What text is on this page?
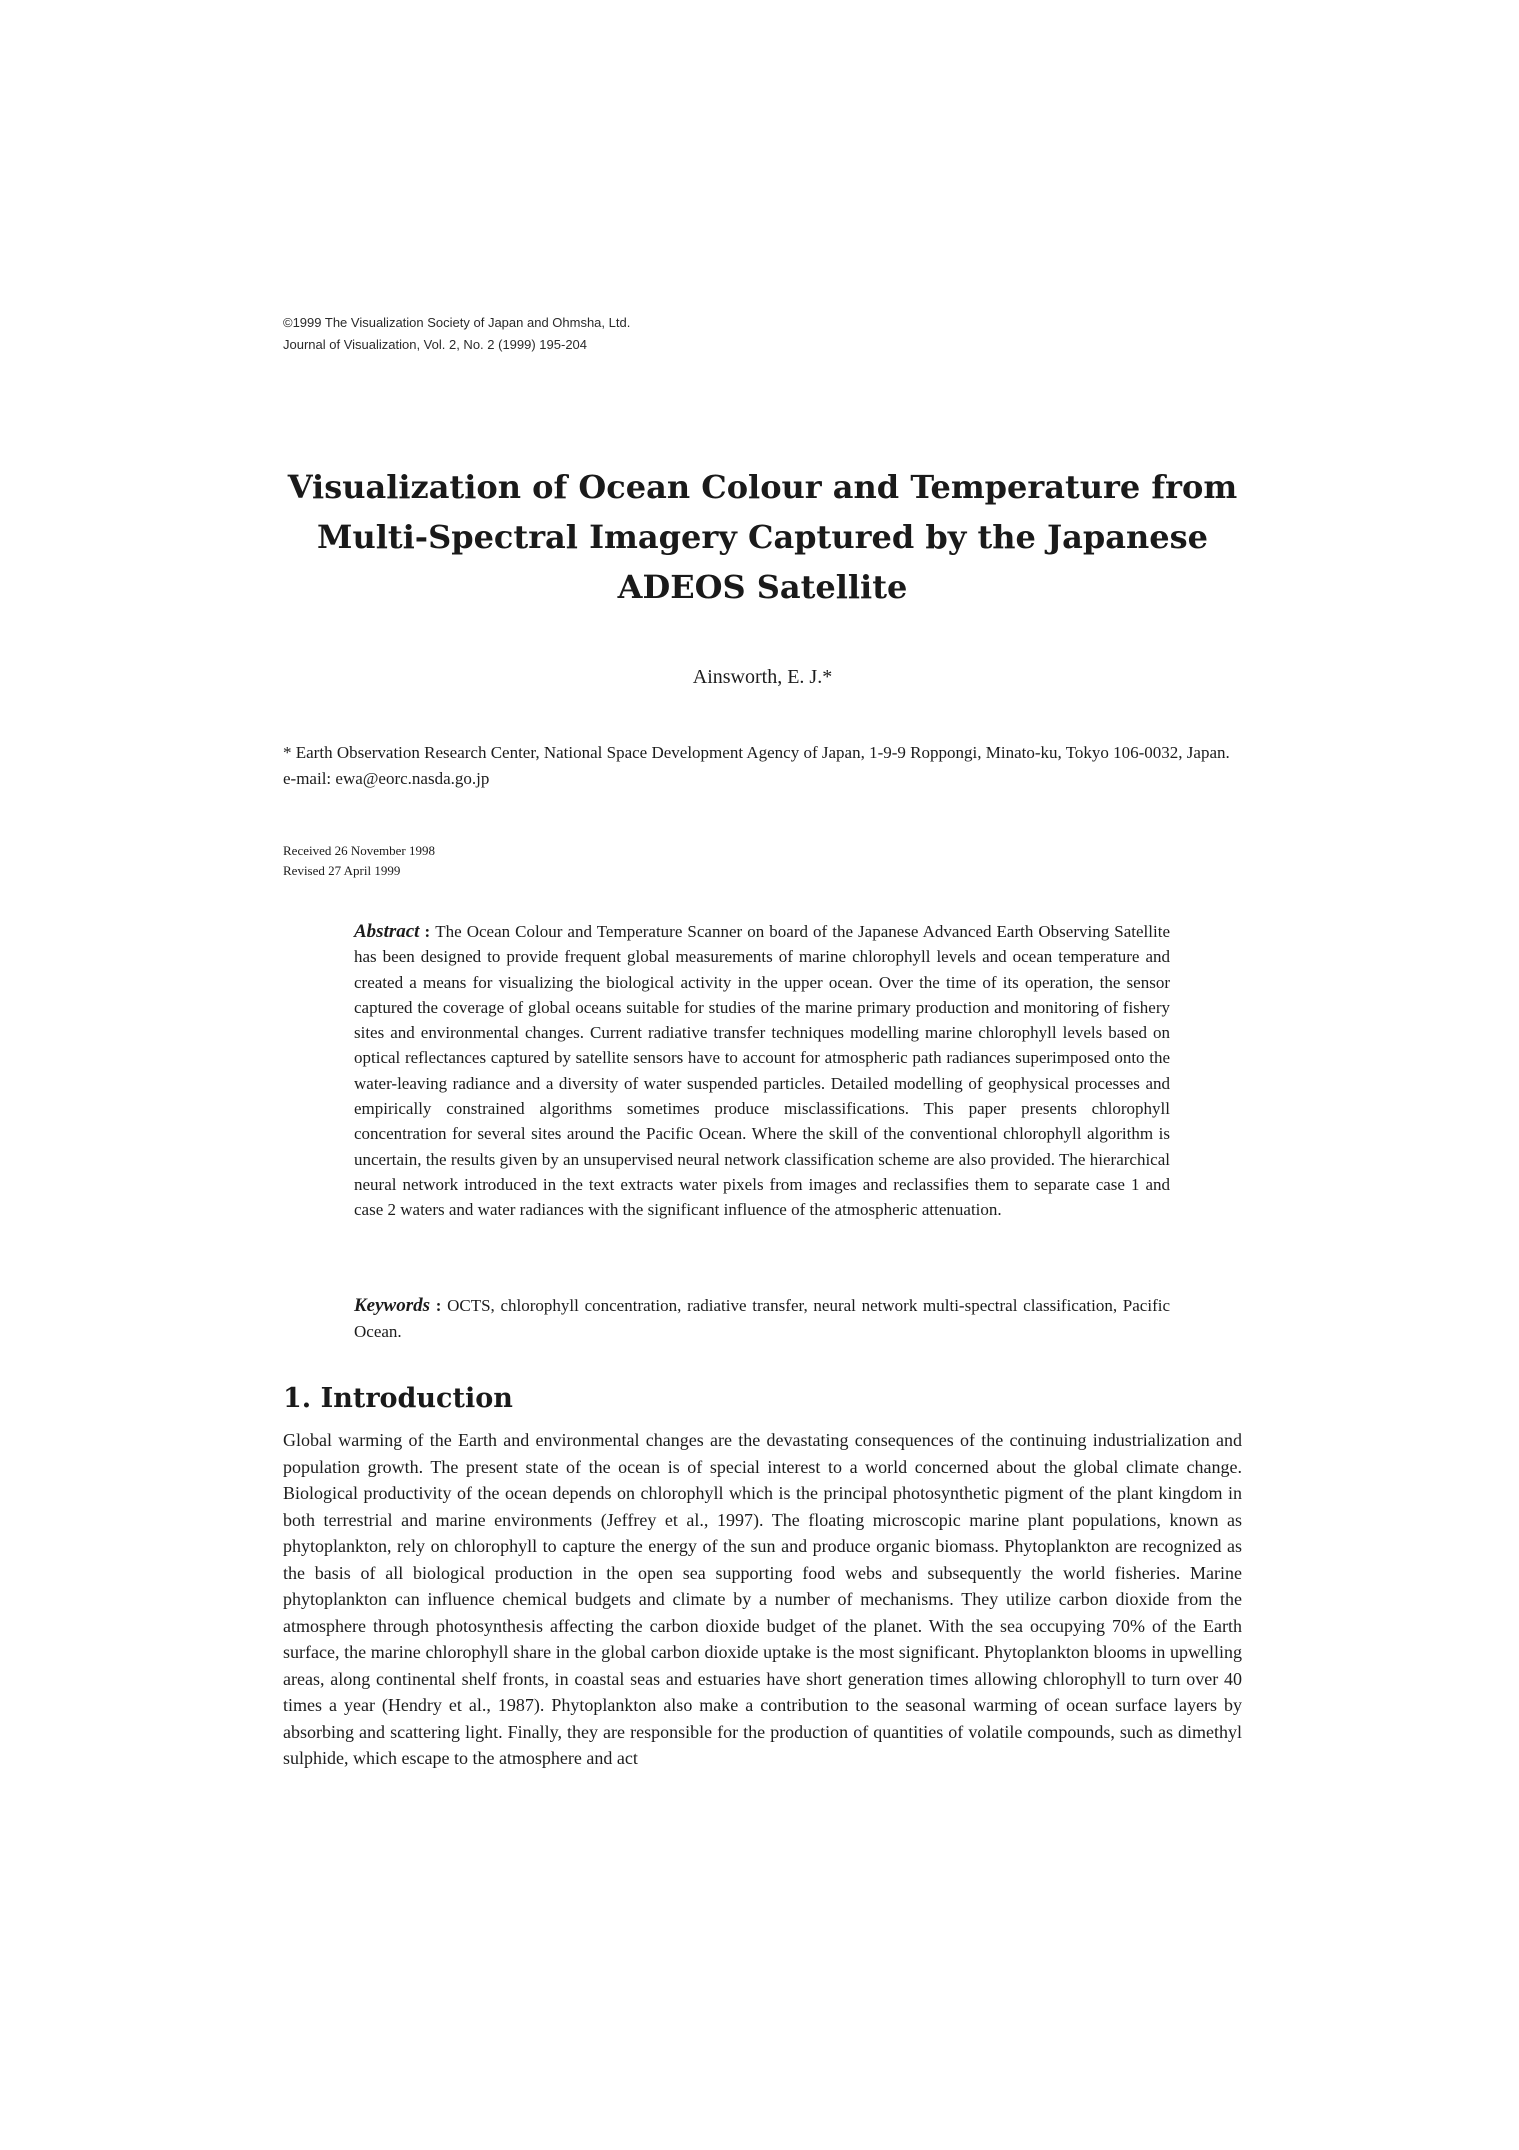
©1999 The Visualization Society of Japan and Ohmsha, Ltd.
Journal of Visualization, Vol. 2, No. 2 (1999) 195-204
Visualization of Ocean Colour and Temperature from Multi-Spectral Imagery Captured by the Japanese ADEOS Satellite
Ainsworth, E. J.*
* Earth Observation Research Center, National Space Development Agency of Japan, 1-9-9 Roppongi, Minato-ku, Tokyo 106-0032, Japan.
e-mail: ewa@eorc.nasda.go.jp
Received 26 November 1998
Revised 27 April 1999

Abstract : The Ocean Colour and Temperature Scanner on board of the Japanese Advanced Earth Observing Satellite has been designed to provide frequent global measurements of marine chlorophyll levels and ocean temperature and created a means for visualizing the biological activity in the upper ocean. Over the time of its operation, the sensor captured the coverage of global oceans suitable for studies of the marine primary production and monitoring of fishery sites and environmental changes. Current radiative transfer techniques modelling marine chlorophyll levels based on optical reflectances captured by satellite sensors have to account for atmospheric path radiances superimposed onto the water-leaving radiance and a diversity of water suspended particles. Detailed modelling of geophysical processes and empirically constrained algorithms sometimes produce misclassifications. This paper presents chlorophyll concentration for several sites around the Pacific Ocean. Where the skill of the conventional chlorophyll algorithm is uncertain, the results given by an unsupervised neural network classification scheme are also provided. The hierarchical neural network introduced in the text extracts water pixels from images and reclassifies them to separate case 1 and case 2 waters and water radiances with the significant influence of the atmospheric attenuation.

Keywords : OCTS, chlorophyll concentration, radiative transfer, neural network multi-spectral classification, Pacific Ocean.

1. Introduction

Global warming of the Earth and environmental changes are the devastating consequences of the continuing industrialization and population growth. The present state of the ocean is of special interest to a world concerned about the global climate change. Biological productivity of the ocean depends on chlorophyll which is the principal photosynthetic pigment of the plant kingdom in both terrestrial and marine environments (Jeffrey et al., 1997). The floating microscopic marine plant populations, known as phytoplankton, rely on chlorophyll to capture the energy of the sun and produce organic biomass. Phytoplankton are recognized as the basis of all biological production in the open sea supporting food webs and subsequently the world fisheries. Marine phytoplankton can influence chemical budgets and climate by a number of mechanisms. They utilize carbon dioxide from the atmosphere through photosynthesis affecting the carbon dioxide budget of the planet. With the sea occupying 70% of the Earth surface, the marine chlorophyll share in the global carbon dioxide uptake is the most significant. Phytoplankton blooms in upwelling areas, along continental shelf fronts, in coastal seas and estuaries have short generation times allowing chlorophyll to turn over 40 times a year (Hendry et al., 1987). Phytoplankton also make a contribution to the seasonal warming of ocean surface layers by absorbing and scattering light. Finally, they are responsible for the production of quantities of volatile compounds, such as dimethyl sulphide, which escape to the atmosphere and act
